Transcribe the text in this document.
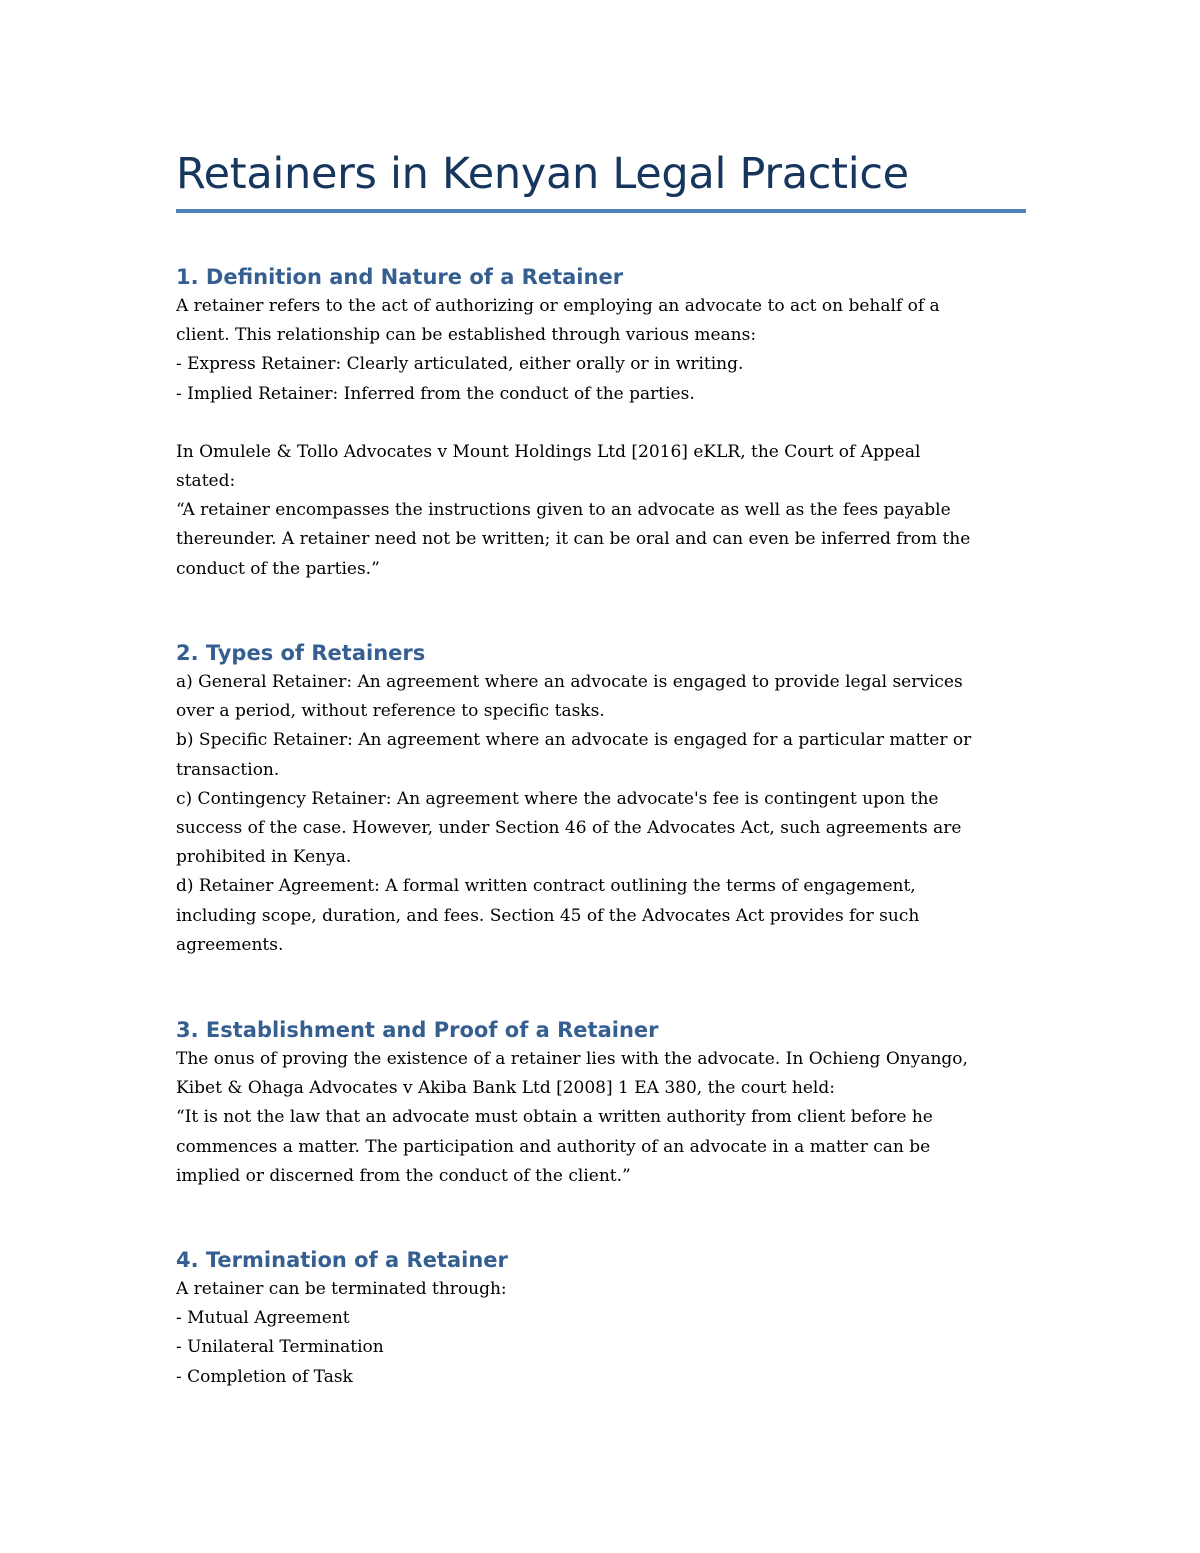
Retainers in Kenyan Legal Practice
1. Definition and Nature of a Retainer

A retainer refers to the act of authorizing or employing an advocate to act on behalf of a
client. This relationship can be established through various means:
- Express Retainer: Clearly articulated, either orally or in writing.
- Implied Retainer: Inferred from the conduct of the parties.

In Omulele & Tollo Advocates v Mount Holdings Ltd [2016] eKLR, the Court of Appeal
stated:
“A retainer encompasses the instructions given to an advocate as well as the fees payable
thereunder. A retainer need not be written; it can be oral and can even be inferred from the
conduct of the parties.”

2. Types of Retainers

a) General Retainer: An agreement where an advocate is engaged to provide legal services
over a period, without reference to specific tasks.
b) Specific Retainer: An agreement where an advocate is engaged for a particular matter or
transaction.
c) Contingency Retainer: An agreement where the advocate's fee is contingent upon the
success of the case. However, under Section 46 of the Advocates Act, such agreements are
prohibited in Kenya.
d) Retainer Agreement: A formal written contract outlining the terms of engagement,
including scope, duration, and fees. Section 45 of the Advocates Act provides for such
agreements.

3. Establishment and Proof of a Retainer

The onus of proving the existence of a retainer lies with the advocate. In Ochieng Onyango,
Kibet & Ohaga Advocates v Akiba Bank Ltd [2008] 1 EA 380, the court held:
“It is not the law that an advocate must obtain a written authority from client before he
commences a matter. The participation and authority of an advocate in a matter can be
implied or discerned from the conduct of the client.”

4. Termination of a Retainer

A retainer can be terminated through:
- Mutual Agreement
- Unilateral Termination
- Completion of Task
